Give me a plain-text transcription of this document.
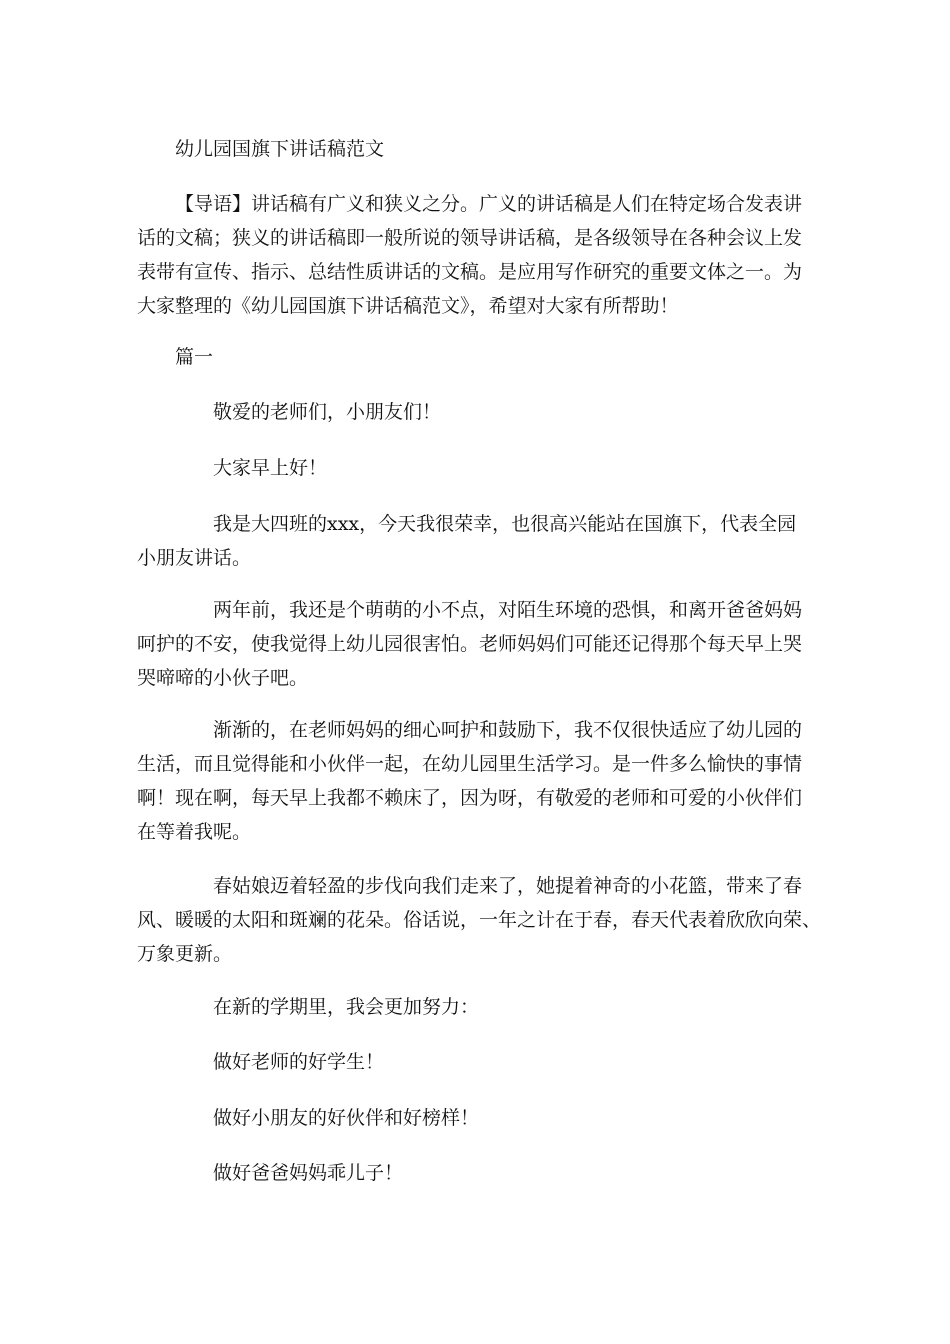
幼儿园国旗下讲话稿范文
【导语】讲话稿有广义和狭义之分。广义的讲话稿是人们在特定场合发表讲
话的文稿；狭义的讲话稿即一般所说的领导讲话稿，是各级领导在各种会议上发
表带有宣传、指示、总结性质讲话的文稿。是应用写作研究的重要文体之一。为
大家整理的《幼儿园国旗下讲话稿范文》，希望对大家有所帮助！
篇一
敬爱的老师们，小朋友们！
大家早上好！
我是大四班的xxx，今天我很荣幸，也很高兴能站在国旗下，代表全园
小朋友讲话。
两年前，我还是个萌萌的小不点，对陌生环境的恐惧，和离开爸爸妈妈
呵护的不安，使我觉得上幼儿园很害怕。老师妈妈们可能还记得那个每天早上哭
哭啼啼的小伙子吧。
渐渐的，在老师妈妈的细心呵护和鼓励下，我不仅很快适应了幼儿园的
生活，而且觉得能和小伙伴一起，在幼儿园里生活学习。是一件多么愉快的事情
啊！现在啊，每天早上我都不赖床了，因为呀，有敬爱的老师和可爱的小伙伴们
在等着我呢。
春姑娘迈着轻盈的步伐向我们走来了，她提着神奇的小花篮，带来了春
风、暖暖的太阳和斑斓的花朵。俗话说，一年之计在于春，春天代表着欣欣向荣、
万象更新。
在新的学期里，我会更加努力：
做好老师的好学生！
做好小朋友的好伙伴和好榜样！
做好爸爸妈妈乖儿子！
